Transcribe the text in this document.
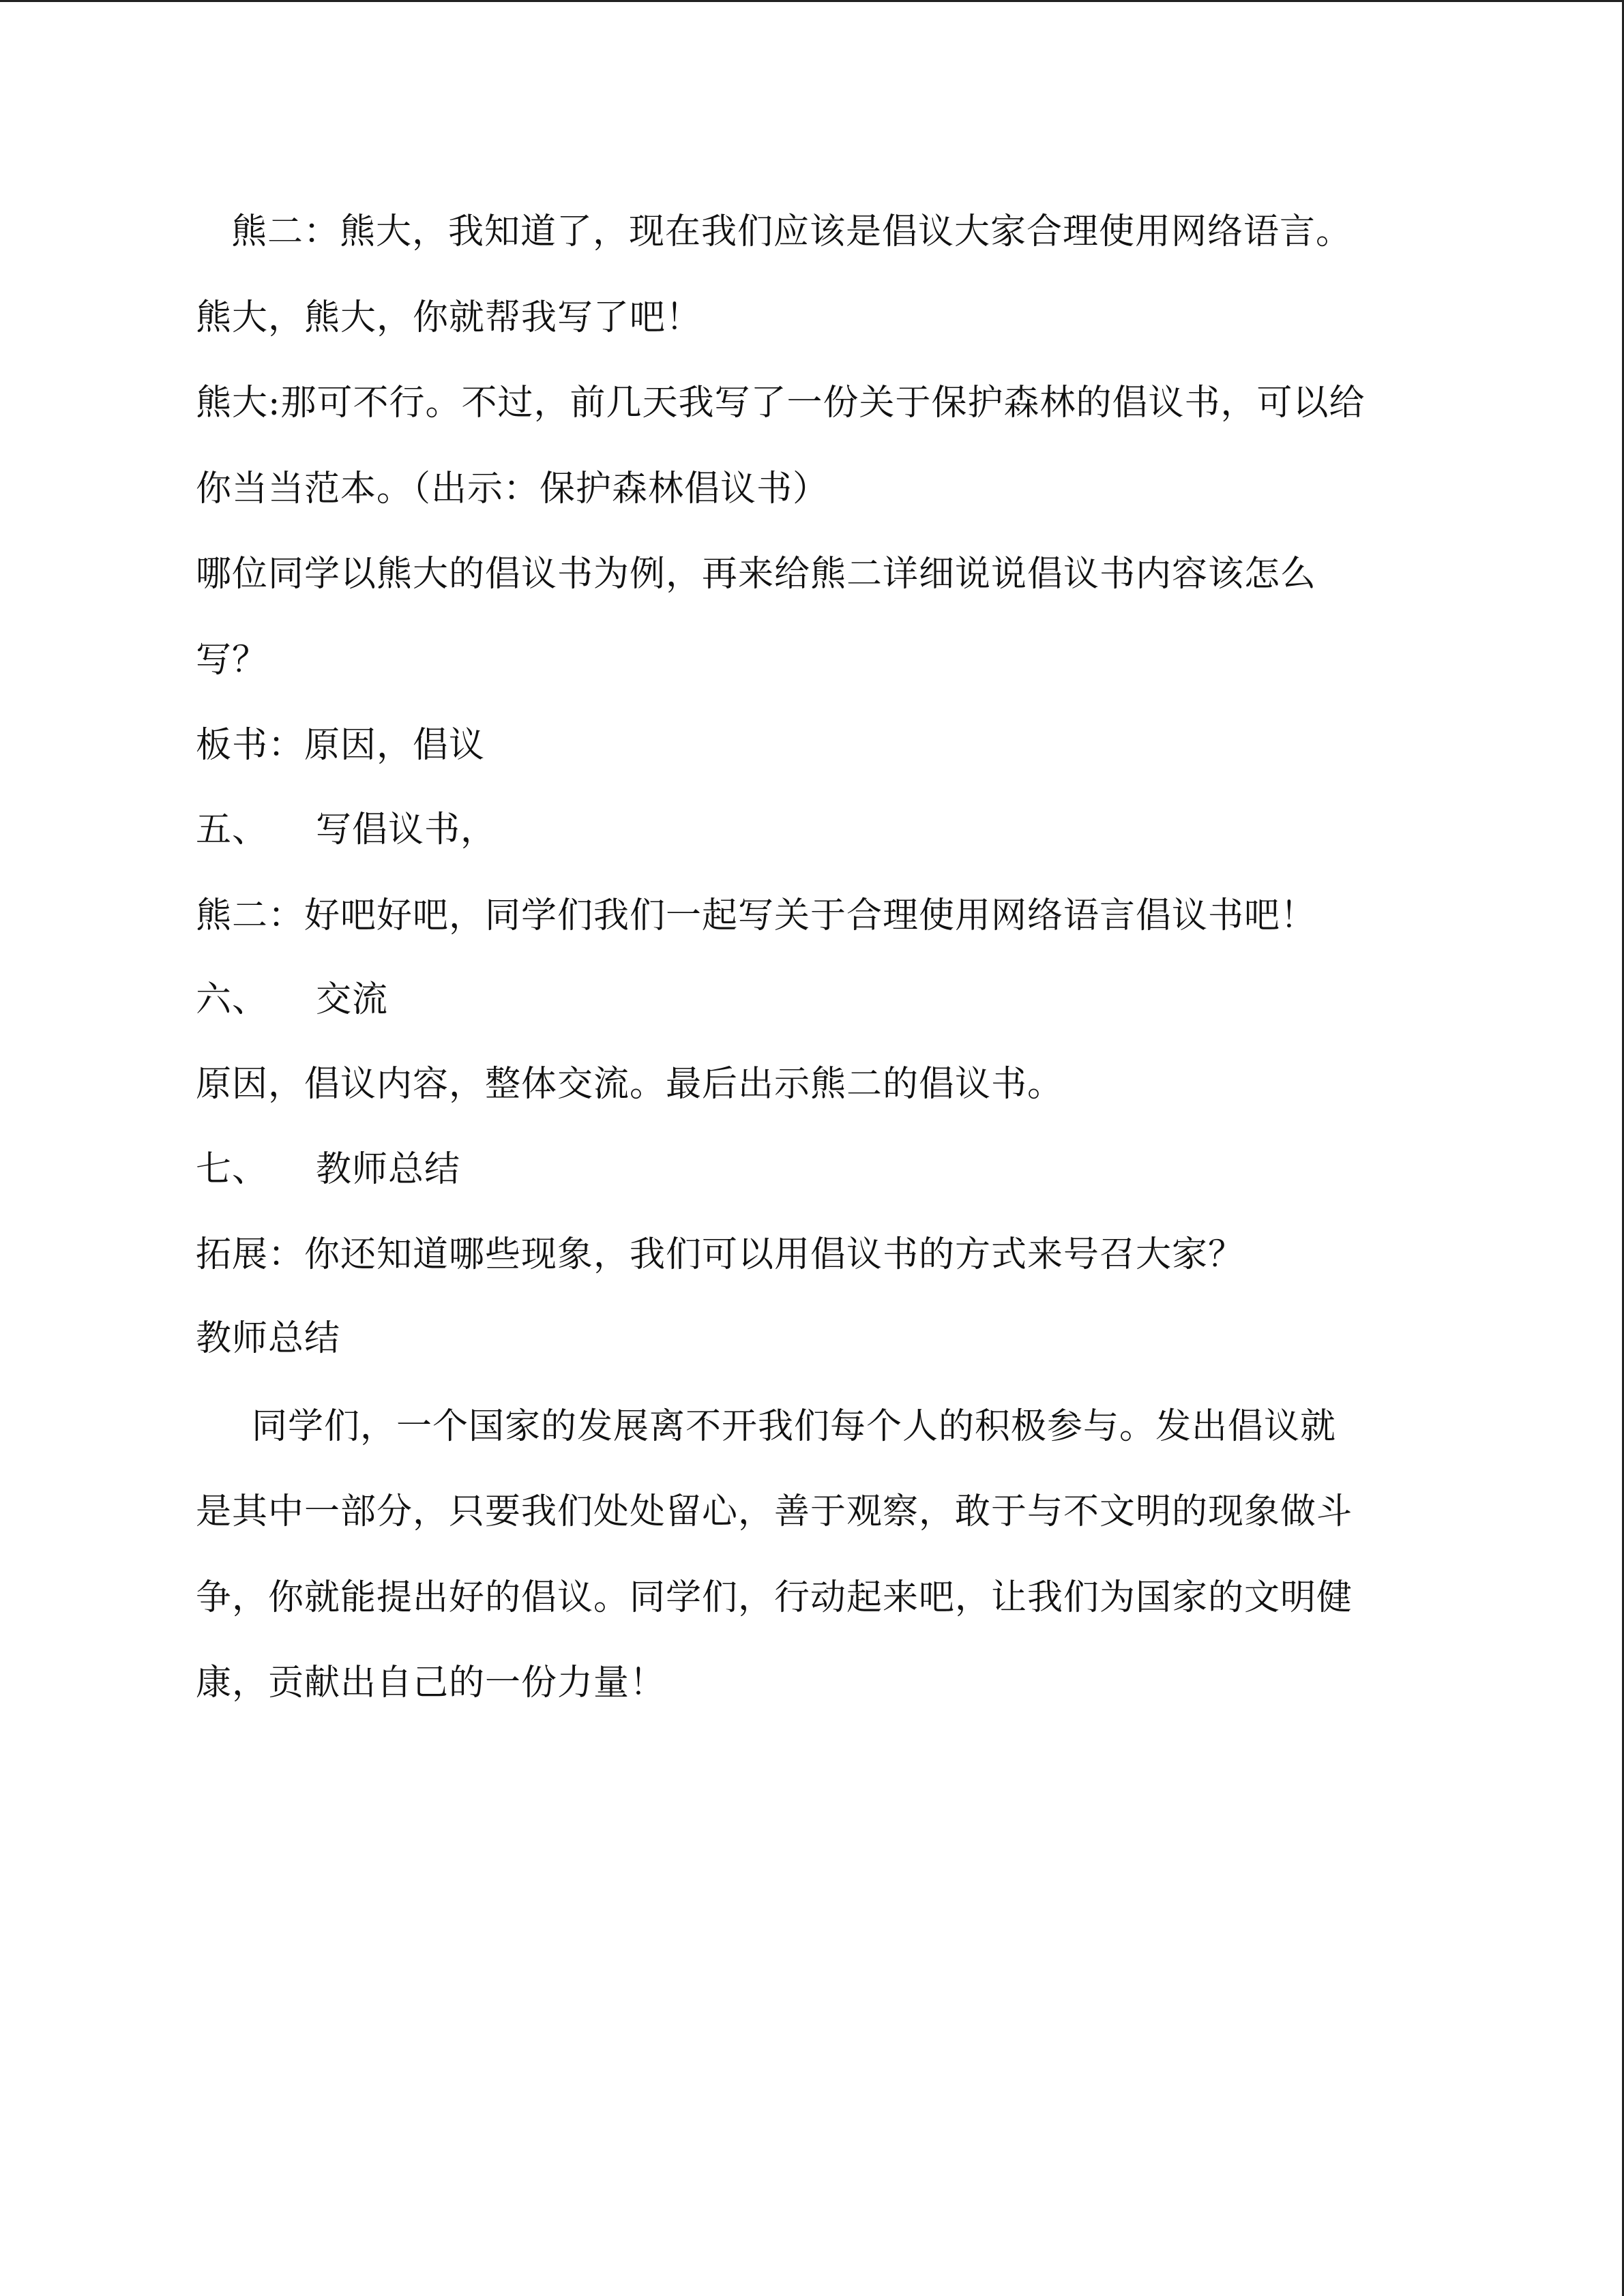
熊二：熊大，我知道了，现在我们应该是倡议大家合理使用网络语言。

熊大，熊大，你就帮我写了吧！

熊大:那可不行。不过，前几天我写了一份关于保护森林的倡议书，可以给

你当当范本。（出示：保护森林倡议书）

哪位同学以熊大的倡议书为例，再来给熊二详细说说倡议书内容该怎么

写？

板书：原因，倡议

五、 写倡议书，

熊二：好吧好吧，同学们我们一起写关于合理使用网络语言倡议书吧！

六、 交流

原因，倡议内容，整体交流。最后出示熊二的倡议书。

七、 教师总结

拓展：你还知道哪些现象，我们可以用倡议书的方式来号召大家？

教师总结

同学们，一个国家的发展离不开我们每个人的积极参与。发出倡议就

是其中一部分，只要我们处处留心，善于观察，敢于与不文明的现象做斗

争，你就能提出好的倡议。同学们，行动起来吧，让我们为国家的文明健

康，贡献出自己的一份力量！
